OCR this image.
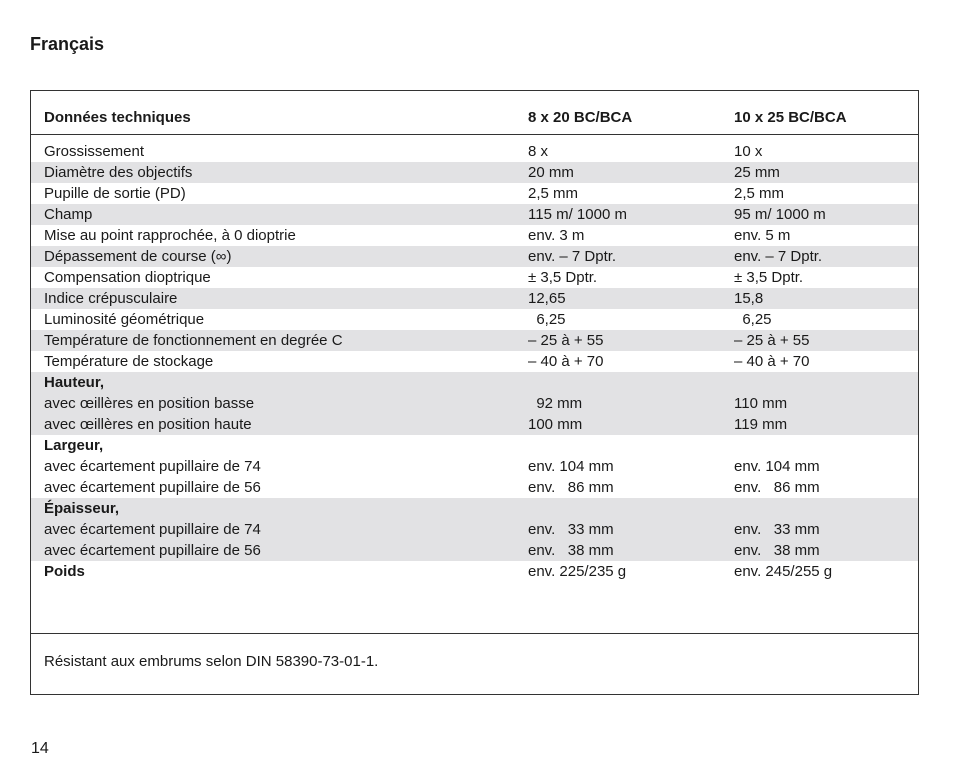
Français
Données techniques	8 x 20 BC/BCA	10 x 25 BC/BCA
Grossissement	8 x	10 x
Diamètre des objectifs	20 mm	25 mm
Pupille de sortie (PD)	2,5 mm	2,5 mm
Champ	115 m/ 1000 m	95 m/ 1000 m
Mise au point rapprochée, à 0 dioptrie	env. 3 m	env. 5 m
Dépassement de course (∞)	env. – 7 Dptr.	env. – 7 Dptr.
Compensation dioptrique	± 3,5 Dptr.	± 3,5 Dptr.
Indice crépusculaire	12,65	15,8
Luminosité géométrique	6,25	6,25
Température de fonctionnement en degrée C	– 25 à + 55	– 25 à + 55
Température de stockage	– 40 à + 70	– 40 à + 70
Hauteur,
avec œillères en position basse	92 mm	110 mm
avec œillères en position haute	100 mm	119 mm
Largeur,
avec écartement pupillaire de 74	env. 104 mm	env. 104 mm
avec écartement pupillaire de 56	env.   86 mm	env.   86 mm
Épaisseur,
avec écartement pupillaire de 74	env.   33 mm	env.   33 mm
avec écartement pupillaire de 56	env.   38 mm	env.   38 mm
Poids	env. 225/235 g	env. 245/255 g
Résistant aux embrums selon DIN 58390-73-01-1.
14
